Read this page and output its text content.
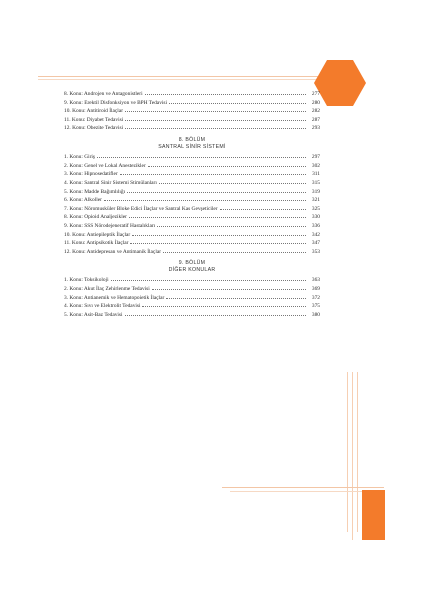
8. Konu: Androjen ve Antagonistleri	277
9. Konu: Erektil Disfonksiyon ve BPH Tedavisi	280
10. Konu: Antitiroid İlaçlar	282
11. Konu: Diyabet Tedavisi	287
12. Konu: Obezite Tedavisi	293
8. BÖLÜM
SANTRAL SİNİR SİSTEMİ
1. Konu: Giriş	297
2. Konu: Genel ve Lokal Anestezikler	302
3. Konu: Hipnosedatifler	311
4. Konu: Santral Sinir Sistemi Stimülanları	315
5. Konu: Madde Bağımlılığı	319
6. Konu: Alkoller	321
7. Konu: Nöromusküler Bloke Edici İlaçlar ve Santral Kas Gevşeticiler	325
8. Konu: Opioid Analjezikler	330
9. Konu: SSS Nörodejeneratif Hastalıkları	336
10. Konu: Antiepileptik İlaçlar	342
11. Konu: Antipsikotik İlaçlar	347
12. Konu: Antidepresan ve Antimanik İlaçlar	353
9. BÖLÜM
DİĞER KONULAR
1. Konu: Toksikoloji	363
2. Konu: Akut İlaç Zehirlenme Tedavisi	369
3. Konu: Antianemik ve Hematopoietik İlaçlar	372
4. Konu: Sıvı ve Elektrolit Tedavisi	375
5. Konu: Asit-Baz Tedavisi	380
